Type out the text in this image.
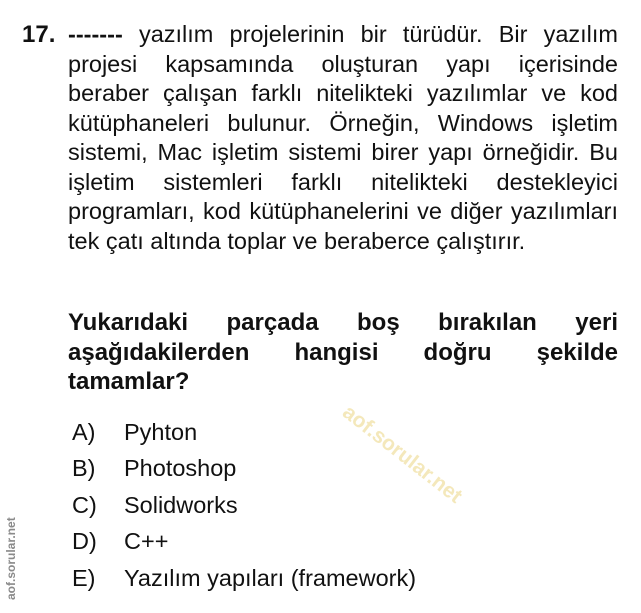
17. ------- yazılım projelerinin bir türüdür. Bir yazılım projesi kapsamında oluşturan yapı içerisinde beraber çalışan farklı nitelikteki yazılımlar ve kod kütüphaneleri bulunur. Örneğin, Windows işletim sistemi, Mac işletim sistemi birer yapı örneğidir. Bu işletim sistemleri farklı nitelikteki destekleyici programları, kod kütüphanelerini ve diğer yazılımları tek çatı altında toplar ve beraberce çalıştırır.
Yukarıdaki parçada boş bırakılan yeri aşağıdakilerden hangisi doğru şekilde tamamlar?
A)	Pyhton
B)	Photoshop
C)	Solidworks
D)	C++
E)	Yazılım yapıları (framework)
aof.sorular.net
aof.sorular.net
